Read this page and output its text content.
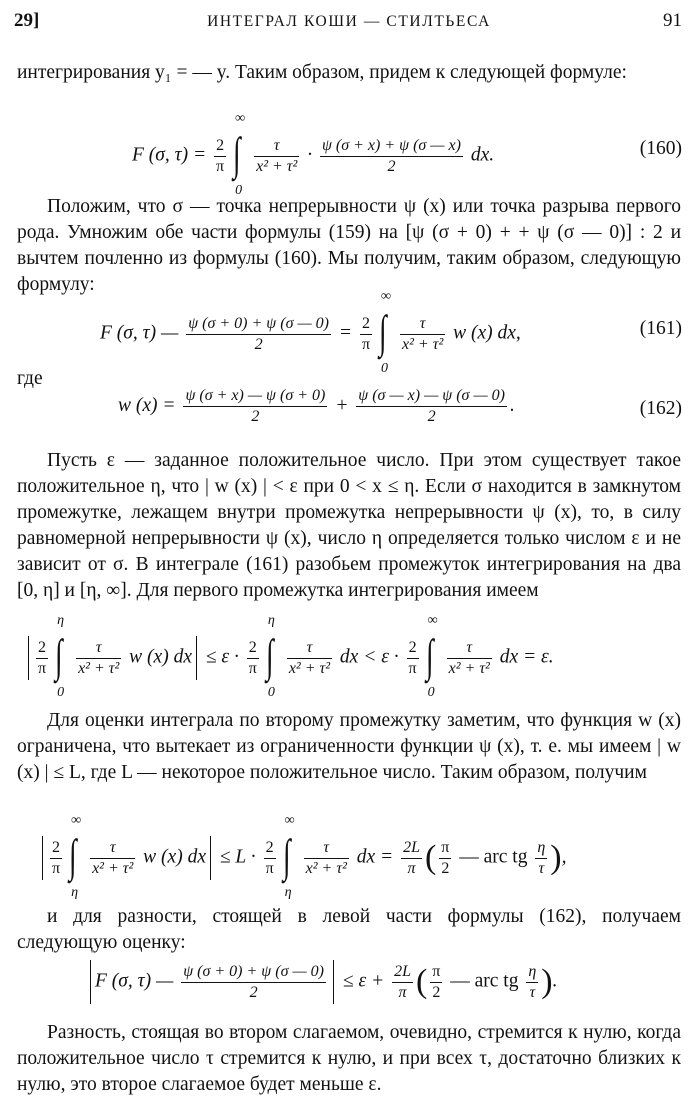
29]	ИНТЕГРАЛ КОШИ — СТИЛТЬЕСА	91

интегрирования y₁ = — y. Таким образом, придем к следующей формуле:

F (σ, $\tau) = \frac{2}{\pi}$ ∫
∞
0
$\frac{\tau}{\text{x² + τ²}} \cdot \frac{\psi (\sigma + x) + \psi (\sigma — x)}{2}$ dx.	(160)

Положим, что σ — точка непрерывности ψ (x) или точка разрыва первого рода. Умножим обе части формулы (159) на [ψ (σ + 0) + + ψ (σ — 0)] : 2 и вычтем почленно из формулы (160). Мы получим, таким образом, следующую формулу:

F (σ, τ) — $\frac{\psi (\sigma + 0) + \psi (\sigma — 0)}{2} = \frac{2}{\pi}$ ∫
∞
0
$\frac{\tau}{\text{x² + τ²}}$ w (x) dx,	(161)

где

w $(x) = \frac{\psi (\sigma + x) — \psi (\sigma + 0)}{2} + \frac{\psi (\sigma — x) — \psi (\sigma — 0)}{2}$ .	(162)

Пусть ε — заданное положительное число. При этом существует такое положительное η, что | w (x) | < ε при 0 < x ≤ η. Если σ находится в замкнутом промежутке, лежащем внутри промежутка непрерывности ψ (x), то, в силу равномерной непрерывности ψ (x), число η определяется только числом ε и не зависит от σ. В интеграле (161) разобьем промежуток интегрирования на два [0, η] и [η, ∞]. Для первого промежутка интегрирования имеем

$\frac{2}{\pi}$ ∫
η
0
$\frac{\tau}{\text{x² + τ²}}$ w (x) dx ≤ $\varepsilon \cdot \frac{2}{\pi}$ ∫
η
0
$\frac{\tau}{\text{x² + τ²}}$ dx < $\varepsilon \cdot \frac{2}{\pi}$ ∫
∞
0
$\frac{\tau}{\text{x² + τ²}}$ dx = ε.

Для оценки интеграла по второму промежутку заметим, что функция w (x) ограничена, что вытекает из ограниченности функции ψ (x), т. е. мы имеем | w (x) | ≤ L, где L — некоторое положительное число. Таким образом, получим

$\frac{2}{\pi}$ ∫
∞
η
$\frac{\tau}{\text{x² + τ²}}$ w (x) dx ≤ $L \cdot \frac{2}{\pi}$ ∫
∞
η
$\frac{\tau}{\text{x² + τ²}}$ dx = $\frac{2L}{\pi}$ ( $\frac{\pi}{2}$ — arc tg $\frac{\eta}{\tau}$ ),

и для разности, стоящей в левой части формулы (162), получаем следующую оценку:

F (σ, τ) — $\frac{\psi (\sigma + 0) + \psi (\sigma — 0)}{2} \le \varepsilon + \frac{2L}{\pi}$ ( $\frac{\pi}{2}$ — arc tg $\frac{\eta}{\tau}$ ).

Разность, стоящая во втором слагаемом, очевидно, стремится к нулю, когда положительное число τ стремится к нулю, и при всех τ, достаточно близких к нулю, это второе слагаемое будет меньше ε.
